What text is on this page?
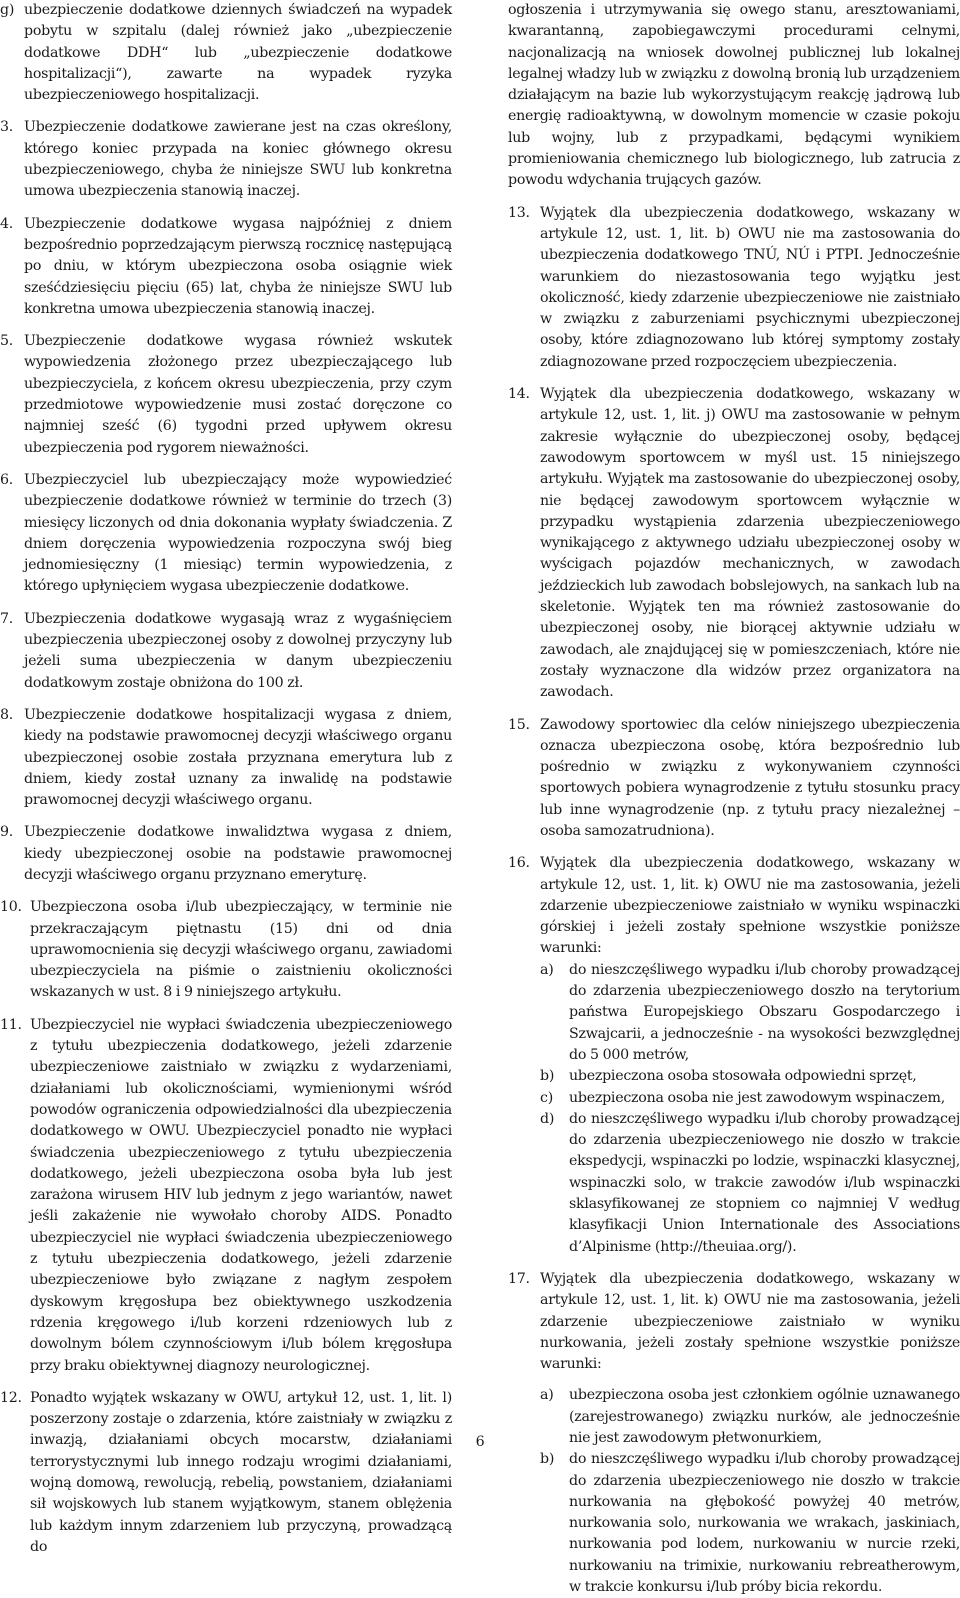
g) ubezpieczenie dodatkowe dziennych świadczeń na wypadek pobytu w szpitalu (dalej również jako „ubezpieczenie dodatkowe DDH“ lub „ubezpieczenie dodatkowe hospitalizacji“), zawarte na wypadek ryzyka ubezpieczeniowego hospitalizacji.
3. Ubezpieczenie dodatkowe zawierane jest na czas określony, którego koniec przypada na koniec głównego okresu ubezpieczeniowego, chyba że niniejsze SWU lub konkretna umowa ubezpieczenia stanowią inaczej.
4. Ubezpieczenie dodatkowe wygasa najpóźniej z dniem bezpośrednio poprzedzającym pierwszą rocznicę następującą po dniu, w którym ubezpieczona osoba osiągnie wiek sześćdziesięciu pięciu (65) lat, chyba że niniejsze SWU lub konkretna umowa ubezpieczenia stanowią inaczej.
5. Ubezpieczenie dodatkowe wygasa również wskutek wypowiedzenia złożonego przez ubezpieczającego lub ubezpieczyciela, z końcem okresu ubezpieczenia, przy czym przedmiotowe wypowiedzenie musi zostać doręczone co najmniej sześć (6) tygodni przed upływem okresu ubezpieczenia pod rygorem nieważności.
6. Ubezpieczyciel lub ubezpieczający może wypowiedzieć ubezpieczenie dodatkowe również w terminie do trzech (3) miesięcy liczonych od dnia dokonania wypłaty świadczenia. Z dniem doręczenia wypowiedzenia rozpoczyna swój bieg jednomiesięczny (1 miesiąc) termin wypowiedzenia, z którego upłynięciem wygasa ubezpieczenie dodatkowe.
7. Ubezpieczenia dodatkowe wygasają wraz z wygaśnięciem ubezpieczenia ubezpieczonej osoby z dowolnej przyczyny lub jeżeli suma ubezpieczenia w danym ubezpieczeniu dodatkowym zostaje obniżona do 100 zł.
8. Ubezpieczenie dodatkowe hospitalizacji wygasa z dniem, kiedy na podstawie prawomocnej decyzji właściwego organu ubezpieczonej osobie została przyznana emerytura lub z dniem, kiedy został uznany za inwalidę na podstawie prawomocnej decyzji właściwego organu.
9. Ubezpieczenie dodatkowe inwalidztwa wygasa z dniem, kiedy ubezpieczonej osobie na podstawie prawomocnej decyzji właściwego organu przyznano emeryturę.
10. Ubezpieczona osoba i/lub ubezpieczający, w terminie nie przekraczającym piętnastu (15) dni od dnia uprawomocnienia się decyzji właściwego organu, zawiadomi ubezpieczyciela na piśmie o zaistnieniu okoliczności wskazanych w ust. 8 i 9 niniejszego artykułu.
11. Ubezpieczyciel nie wypłaci świadczenia ubezpieczeniowego z tytułu ubezpieczenia dodatkowego, jeżeli zdarzenie ubezpieczeniowe zaistniało w związku z wydarzeniami, działaniami lub okolicznościami, wymienionymi wśród powodów ograniczenia odpowiedzialności dla ubezpieczenia dodatkowego w OWU. Ubezpieczyciel ponadto nie wypłaci świadczenia ubezpieczeniowego z tytułu ubezpieczenia dodatkowego, jeżeli ubezpieczona osoba była lub jest zarażona wirusem HIV lub jednym z jego wariantów, nawet jeśli zakażenie nie wywołało choroby AIDS. Ponadto ubezpieczyciel nie wypłaci świadczenia ubezpieczeniowego z tytułu ubezpieczenia dodatkowego, jeżeli zdarzenie ubezpieczeniowe było związane z nagłym zespołem dyskowym kręgosłupa bez obiektywnego uszkodzenia rdzenia kręgowego i/lub korzeni rdzeniowych lub z dowolnym bólem czynnościowym i/lub bólem kręgosłupa przy braku obiektywnej diagnozy neurologicznej.
12. Ponadto wyjątek wskazany w OWU, artykuł 12, ust. 1, lit. l) poszerzony zostaje o zdarzenia, które zaistniały w związku z inwazją, działaniami obcych mocarstw, działaniami terrorystycznymi lub innego rodzaju wrogimi działaniami, wojną domową, rewolucją, rebelią, powstaniem, działaniami sił wojskowych lub stanem wyjątkowym, stanem oblężenia lub każdym innym zdarzeniem lub przyczyną, prowadzącą do

ogłoszenia i utrzymywania się owego stanu, aresztowaniami, kwarantanną, zapobiegawczymi procedurami celnymi, nacjonalizacją na wniosek dowolnej publicznej lub lokalnej legalnej władzy lub w związku z dowolną bronią lub urządzeniem działającym na bazie lub wykorzystującym reakcję jądrową lub energię radioaktywną, w dowolnym momencie w czasie pokoju lub wojny, lub z przypadkami, będącymi wynikiem promieniowania chemicznego lub biologicznego, lub zatrucia z powodu wdychania trujących gazów.

13. Wyjątek dla ubezpieczenia dodatkowego, wskazany w artykule 12, ust. 1, lit. b) OWU nie ma zastosowania do ubezpieczenia dodatkowego TNÚ, NÚ i PTPI. Jednocześnie warunkiem do niezastosowania tego wyjątku jest okoliczność, kiedy zdarzenie ubezpieczeniowe nie zaistniało w związku z zaburzeniami psychicznymi ubezpieczonej osoby, które zdiagnozowano lub której symptomy zostały zdiagnozowane przed rozpoczęciem ubezpieczenia.
14. Wyjątek dla ubezpieczenia dodatkowego, wskazany w artykule 12, ust. 1, lit. j) OWU ma zastosowanie w pełnym zakresie wyłącznie do ubezpieczonej osoby, będącej zawodowym sportowcem w myśl ust. 15 niniejszego artykułu. Wyjątek ma zastosowanie do ubezpieczonej osoby, nie będącej zawodowym sportowcem wyłącznie w przypadku wystąpienia zdarzenia ubezpieczeniowego wynikającego z aktywnego udziału ubezpieczonej osoby w wyścigach pojazdów mechanicznych, w zawodach jeździeckich lub zawodach bobslejowych, na sankach lub na skeletonie. Wyjątek ten ma również zastosowanie do ubezpieczonej osoby, nie biorącej aktywnie udziału w zawodach, ale znajdującej się w pomieszczeniach, które nie zostały wyznaczone dla widzów przez organizatora na zawodach.
15. Zawodowy sportowiec dla celów niniejszego ubezpieczenia oznacza ubezpieczona osobę, która bezpośrednio lub pośrednio w związku z wykonywaniem czynności sportowych pobiera wynagrodzenie z tytułu stosunku pracy lub inne wynagrodzenie (np. z tytułu pracy niezależnej – osoba samozatrudniona).
16. Wyjątek dla ubezpieczenia dodatkowego, wskazany w artykule 12, ust. 1, lit. k) OWU nie ma zastosowania, jeżeli zdarzenie ubezpieczeniowe zaistniało w wyniku wspinaczki górskiej i jeżeli zostały spełnione wszystkie poniższe warunki:
a)	do nieszczęśliwego wypadku i/lub choroby prowadzącej do zdarzenia ubezpieczeniowego doszło na terytorium państwa Europejskiego Obszaru Gospodarczego i Szwajcarii, a jednocześnie - na wysokości bezwzględnej do 5 000 metrów,
b)	ubezpieczona osoba stosowała odpowiedni sprzęt,
c)	ubezpieczona osoba nie jest zawodowym wspinaczem,
d)	do nieszczęśliwego wypadku i/lub choroby prowadzącej do zdarzenia ubezpieczeniowego nie doszło w trakcie ekspedycji, wspinaczki po lodzie, wspinaczki klasycznej, wspinaczki solo, w trakcie zawodów i/lub wspinaczki sklasyfikowanej ze stopniem co najmniej V według klasyfikacji Union Internationale des Associations d’Alpinisme (http://theuiaa.org/).
17. Wyjątek dla ubezpieczenia dodatkowego, wskazany w artykule 12, ust. 1, lit. k) OWU nie ma zastosowania, jeżeli zdarzenie ubezpieczeniowe zaistniało w wyniku nurkowania, jeżeli zostały spełnione wszystkie poniższe warunki:
a)	ubezpieczona osoba jest członkiem ogólnie uznawanego (zarejestrowanego) związku nurków, ale jednocześnie nie jest zawodowym płetwonurkiem,
b)	do nieszczęśliwego wypadku i/lub choroby prowadzącej do zdarzenia ubezpieczeniowego nie doszło w trakcie nurkowania na głębokość powyżej 40 metrów, nurkowania solo, nurkowania we wrakach, jaskiniach, nurkowania pod lodem, nurkowaniu w nurcie rzeki, nurkowaniu na trimixie, nurkowaniu rebreatherowym, w trakcie konkursu i/lub próby bicia rekordu.
6
